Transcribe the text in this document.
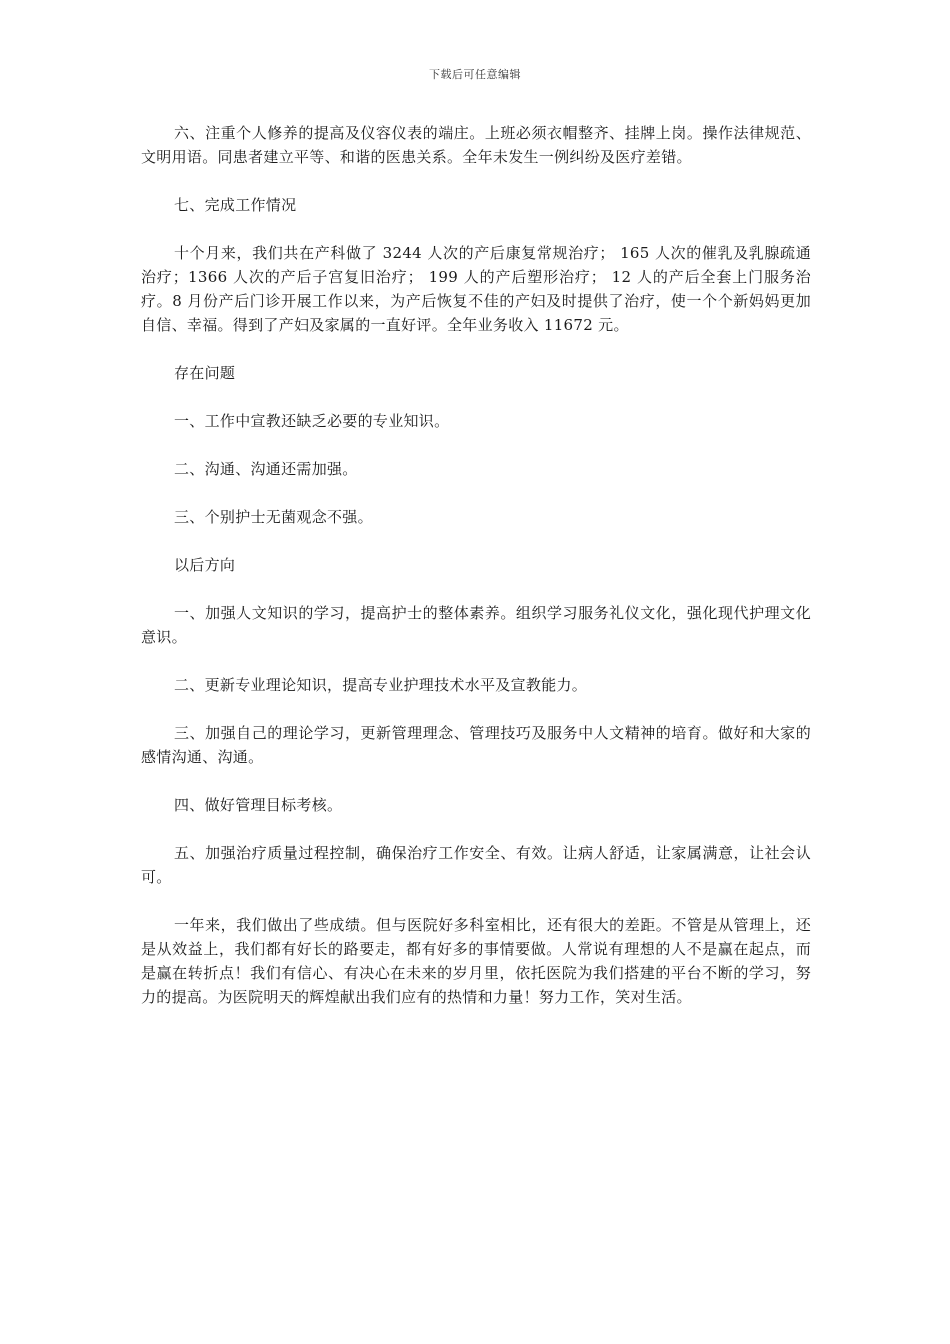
下载后可任意编辑

六、注重个人修养的提高及仪容仪表的端庄。上班必须衣帽整齐、挂牌上岗。操作法律规范、文明用语。同患者建立平等、和谐的医患关系。全年未发生一例纠纷及医疗差错。

七、完成工作情况

十个月来，我们共在产科做了 3244 人次的产后康复常规治疗； 165 人次的催乳及乳腺疏通治疗；1366 人次的产后子宫复旧治疗； 199 人的产后塑形治疗； 12 人的产后全套上门服务治疗。8 月份产后门诊开展工作以来，为产后恢复不佳的产妇及时提供了治疗，使一个个新妈妈更加自信、幸福。得到了产妇及家属的一直好评。全年业务收入 11672 元。

存在问题

一、工作中宣教还缺乏必要的专业知识。

二、沟通、沟通还需加强。

三、个别护士无菌观念不强。

以后方向

一、加强人文知识的学习，提高护士的整体素养。组织学习服务礼仪文化，强化现代护理文化意识。

二、更新专业理论知识，提高专业护理技术水平及宣教能力。

三、加强自己的理论学习，更新管理理念、管理技巧及服务中人文精神的培育。做好和大家的感情沟通、沟通。

四、做好管理目标考核。

五、加强治疗质量过程控制，确保治疗工作安全、有效。让病人舒适，让家属满意，让社会认可。

一年来，我们做出了些成绩。但与医院好多科室相比，还有很大的差距。不管是从管理上，还是从效益上，我们都有好长的路要走，都有好多的事情要做。人常说有理想的人不是赢在起点，而是赢在转折点！我们有信心、有决心在未来的岁月里，依托医院为我们搭建的平台不断的学习，努力的提高。为医院明天的辉煌献出我们应有的热情和力量！努力工作，笑对生活。
